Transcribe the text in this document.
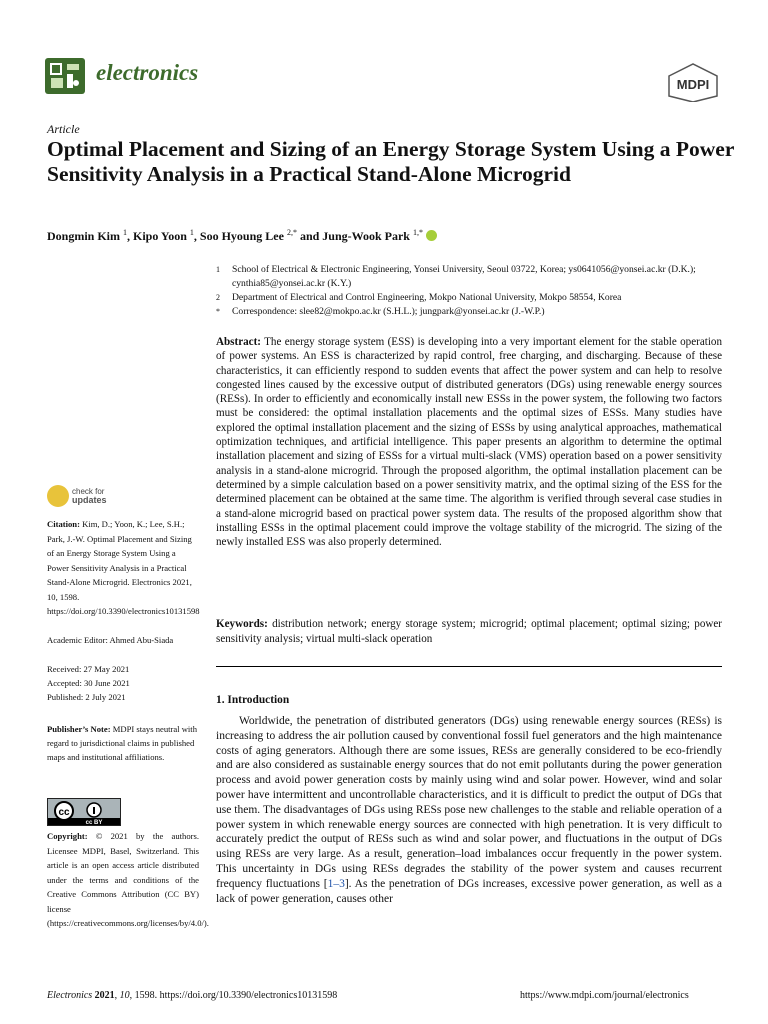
electronics	MDPI
Article
Optimal Placement and Sizing of an Energy Storage System Using a Power Sensitivity Analysis in a Practical Stand-Alone Microgrid
Dongmin Kim $^1$, Kipo Yoon $^1$, Soo Hyoung Lee $^{2,*}$ and Jung-Wook Park $^{1,*}$
1	School of Electrical & Electronic Engineering, Yonsei University, Seoul 03722, Korea; ys0641056@yonsei.ac.kr (D.K.); cynthia85@yonsei.ac.kr (K.Y.)
2	Department of Electrical and Control Engineering, Mokpo National University, Mokpo 58554, Korea
*	Correspondence: slee82@mokpo.ac.kr (S.H.L.); jungpark@yonsei.ac.kr (J.-W.P.)
Abstract: The energy storage system (ESS) is developing into a very important element for the stable operation of power systems. An ESS is characterized by rapid control, free charging, and discharging. Because of these characteristics, it can efficiently respond to sudden events that affect the power system and can help to resolve congested lines caused by the excessive output of distributed generators (DGs) using renewable energy sources (RESs). In order to efficiently and economically install new ESSs in the power system, the following two factors must be considered: the optimal installation placements and the optimal sizes of ESSs. Many studies have explored the optimal installation placement and the sizing of ESSs by using analytical approaches, mathematical optimization techniques, and artificial intelligence. This paper presents an algorithm to determine the optimal installation placement and sizing of ESSs for a virtual multi-slack (VMS) operation based on a power sensitivity analysis in a stand-alone microgrid. Through the proposed algorithm, the optimal installation placement can be determined by a simple calculation based on a power sensitivity matrix, and the optimal sizing of the ESS for the determined placement can be obtained at the same time. The algorithm is verified through several case studies in a stand-alone microgrid based on practical power system data. The results of the proposed algorithm show that installing ESSs in the optimal placement could improve the voltage stability of the microgrid. The sizing of the newly installed ESS was also properly determined.
Keywords: distribution network; energy storage system; microgrid; optimal placement; optimal sizing; power sensitivity analysis; virtual multi-slack operation
1. Introduction
  Worldwide, the penetration of distributed generators (DGs) using renewable energy sources (RESs) is increasing to address the air pollution caused by conventional fossil fuel generators and the high maintenance costs of aging generators. Although there are some issues, RESs are generally considered to be eco-friendly and are also considered as sustainable energy sources that do not emit pollutants during the power generation process and avoid power generation costs by mainly using wind and solar power. However, wind and solar power have intermittent and uncontrollable characteristics, and it is difficult to predict the output of DGs that use them. The disadvantages of DGs using RESs pose new challenges to the stable and reliable operation of a power system in which renewable energy sources are connected with high penetration. It is very difficult to accurately predict the output of RESs such as wind and solar power, and fluctuations in the output of DGs using RESs are very large. As a result, generation–load imbalances occur frequently in the power system. This uncertainty in DGs using RESs degrades the stability of the power system and causes recurrent frequency fluctuations [1–3]. As the penetration of DGs increases, excessive power generation, as well as a lack of power generation, causes other
check for
updates
Citation: Kim, D.; Yoon, K.; Lee, S.H.; Park, J.-W. Optimal Placement and Sizing of an Energy Storage System Using a Power Sensitivity Analysis in a Practical Stand-Alone Microgrid. Electronics 2021, 10, 1598. https://doi.org/10.3390/electronics10131598
Academic Editor: Ahmed Abu-Siada
Received: 27 May 2021
Accepted: 30 June 2021
Published: 2 July 2021
Publisher’s Note: MDPI stays neutral with regard to jurisdictional claims in published maps and institutional affiliations.
cc
cc BY
Copyright: © 2021 by the authors. Licensee MDPI, Basel, Switzerland. This article is an open access article distributed under the terms and conditions of the Creative Commons Attribution (CC BY) license (https://creativecommons.org/licenses/by/4.0/).
Electronics 2021, 10, 1598. https://doi.org/10.3390/electronics10131598	https://www.mdpi.com/journal/electronics
